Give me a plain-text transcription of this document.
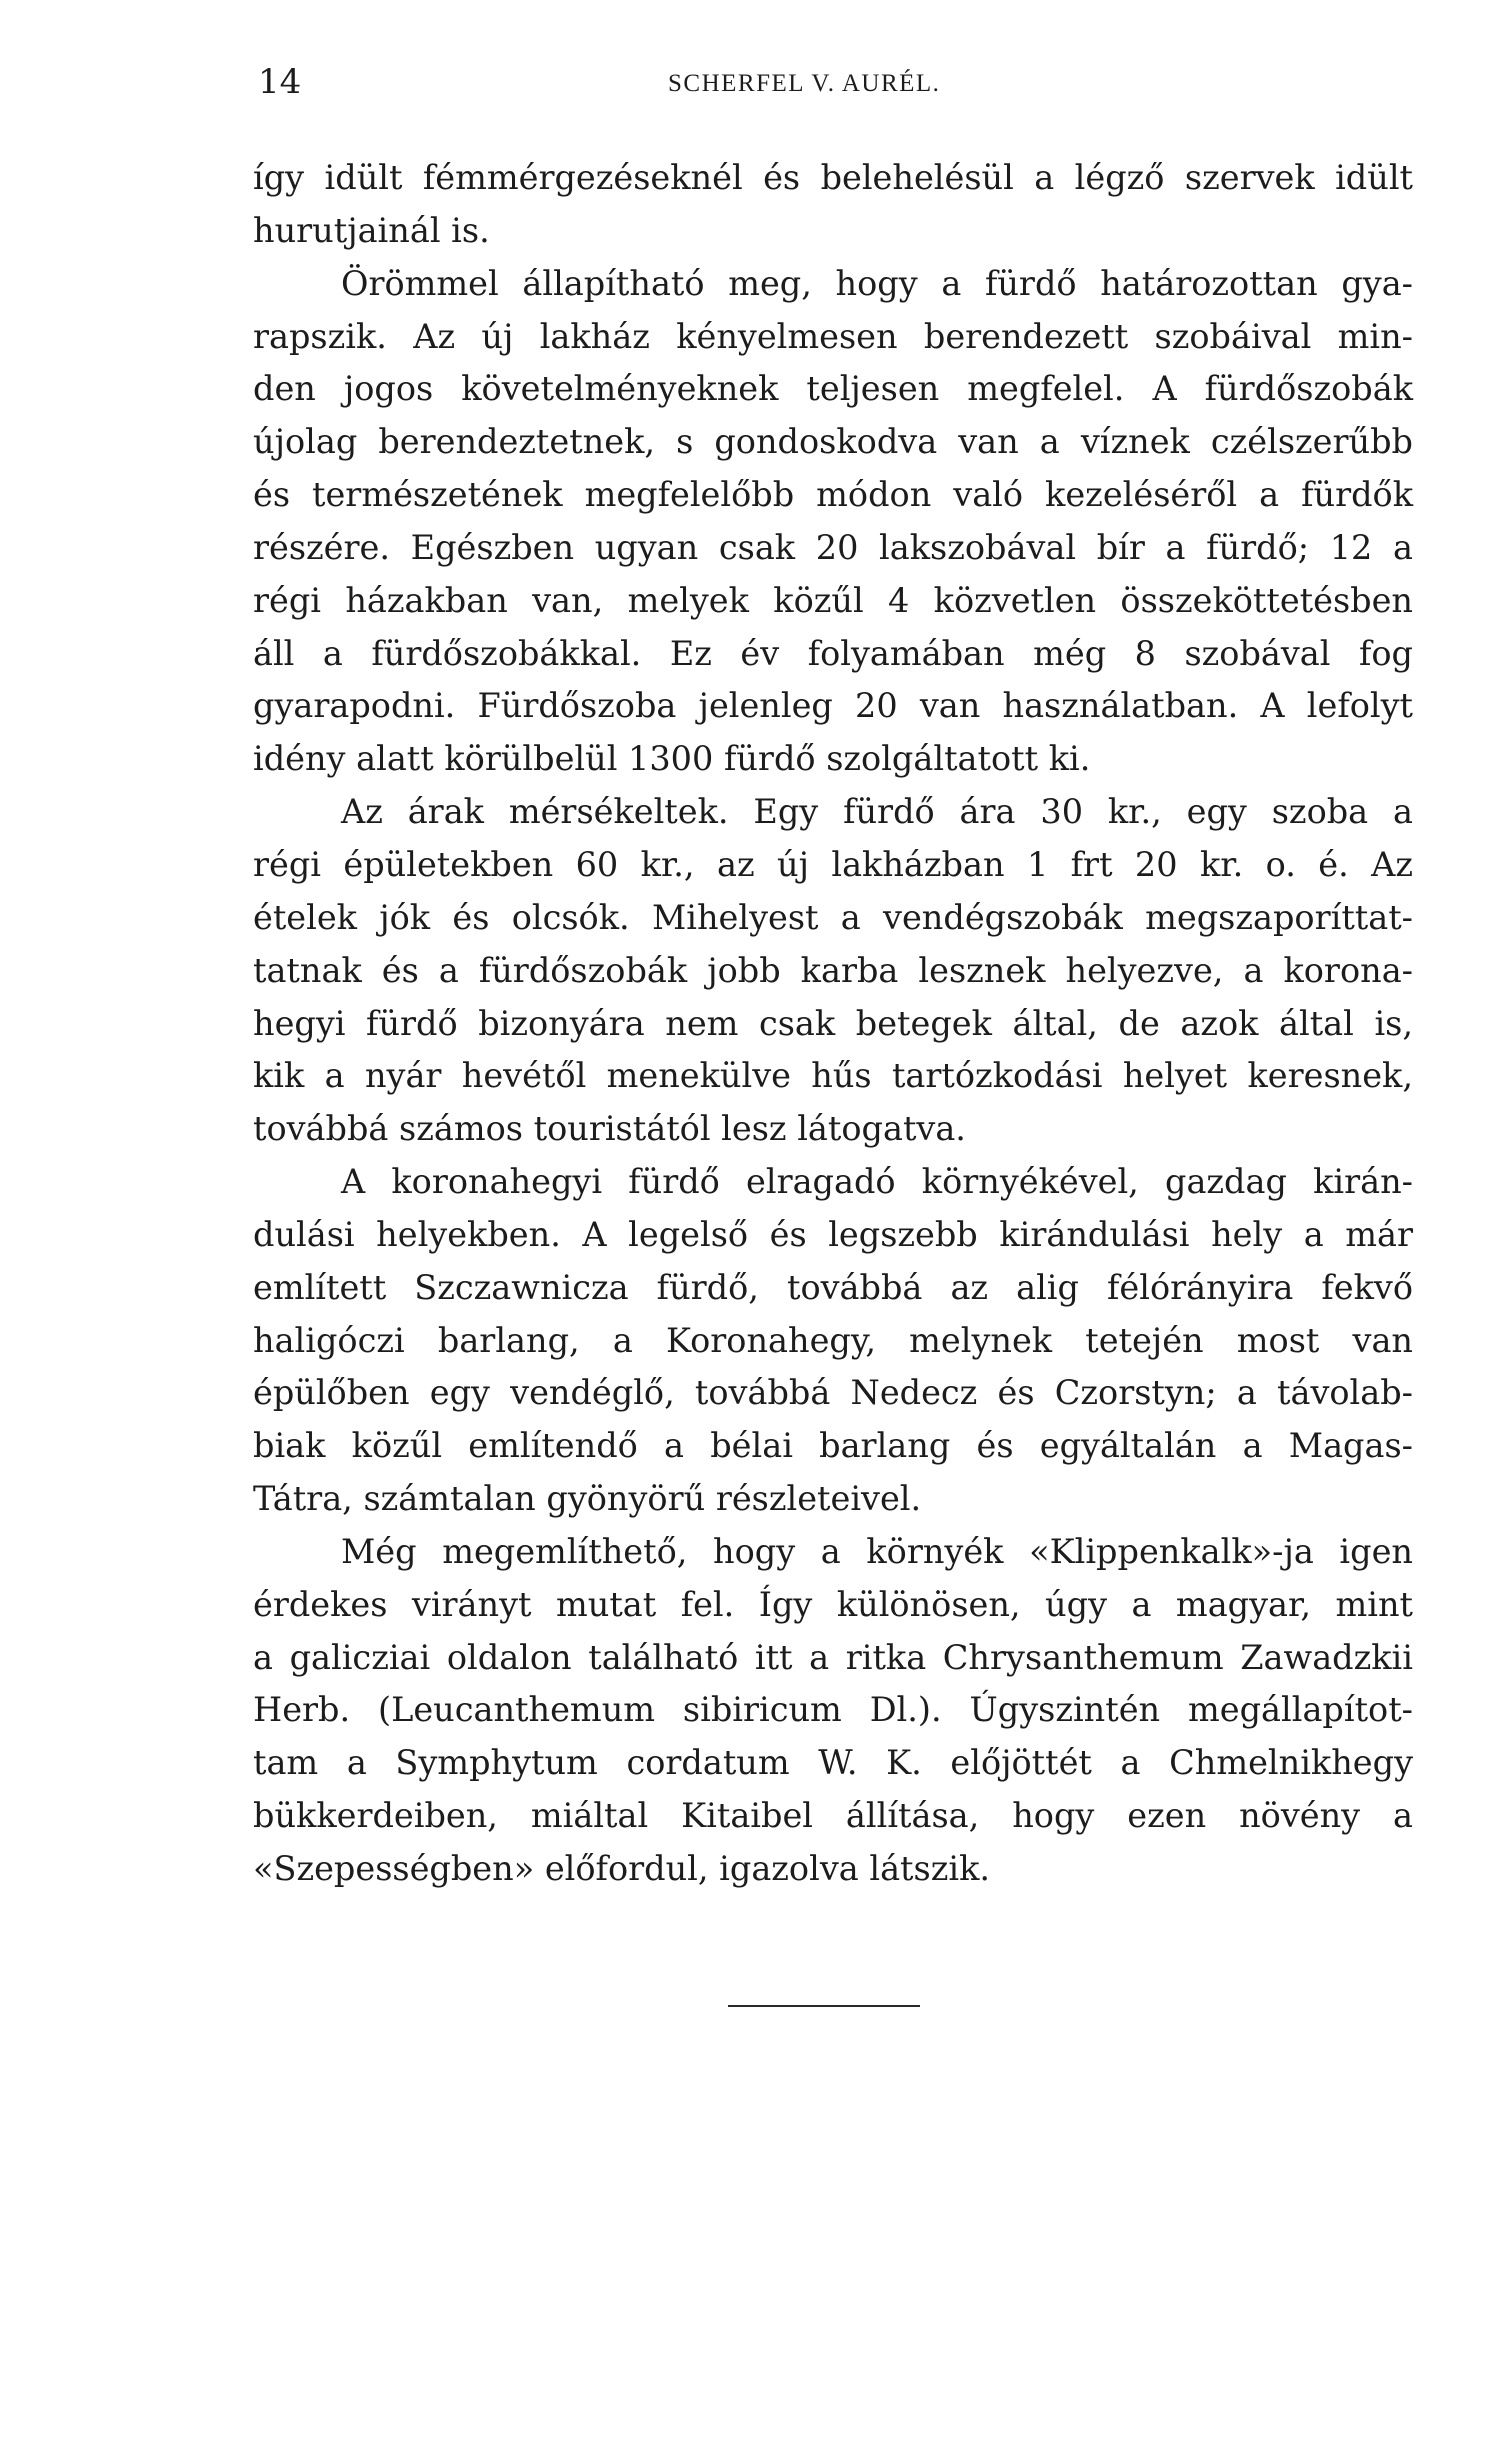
14	SCHERFEL V. AURÉL.
így idült fémmérgezéseknél és belehelésül a légző szervek idült
hurutjainál is.
Örömmel állapítható meg, hogy a fürdő határozottan gya-
rapszik. Az új lakház kényelmesen berendezett szobáival min-
den jogos követelményeknek teljesen megfelel. A fürdőszobák
újolag berendeztetnek, s gondoskodva van a víznek czélszerűbb
és természetének megfelelőbb módon való kezeléséről a fürdők
részére. Egészben ugyan csak 20 lakszobával bír a fürdő; 12 a
régi házakban van, melyek közűl 4 közvetlen összeköttetésben
áll a fürdőszobákkal. Ez év folyamában még 8 szobával fog
gyarapodni. Fürdőszoba jelenleg 20 van használatban. A lefolyt
idény alatt körülbelül 1300 fürdő szolgáltatott ki.
Az árak mérsékeltek. Egy fürdő ára 30 kr., egy szoba a
régi épületekben 60 kr., az új lakházban 1 frt 20 kr. o. é. Az
ételek jók és olcsók. Mihelyest a vendégszobák megszaporíttat-
tatnak és a fürdőszobák jobb karba lesznek helyezve, a korona-
hegyi fürdő bizonyára nem csak betegek által, de azok által is,
kik a nyár hevétől menekülve hűs tartózkodási helyet keresnek,
továbbá számos touristától lesz látogatva.
A koronahegyi fürdő elragadó környékével, gazdag kirán-
dulási helyekben. A legelső és legszebb kirándulási hely a már
említett Szczawnicza fürdő, továbbá az alig félórányira fekvő
haligóczi barlang, a Koronahegy, melynek tetején most van
épülőben egy vendéglő, továbbá Nedecz és Czorstyn; a távolab-
biak közűl említendő a bélai barlang és egyáltalán a Magas-
Tátra, számtalan gyönyörű részleteivel.
Még megemlíthető, hogy a környék «Klippenkalk»-ja igen
érdekes virányt mutat fel. Így különösen, úgy a magyar, mint
a galicziai oldalon található itt a ritka Chrysanthemum Zawadzkii
Herb. (Leucanthemum sibiricum Dl.). Úgyszintén megállapítot-
tam a Symphytum cordatum W. K. előjöttét a Chmelnikhegy
bükkerdeiben, miáltal Kitaibel állítása, hogy ezen növény a
«Szepességben» előfordul, igazolva látszik.
